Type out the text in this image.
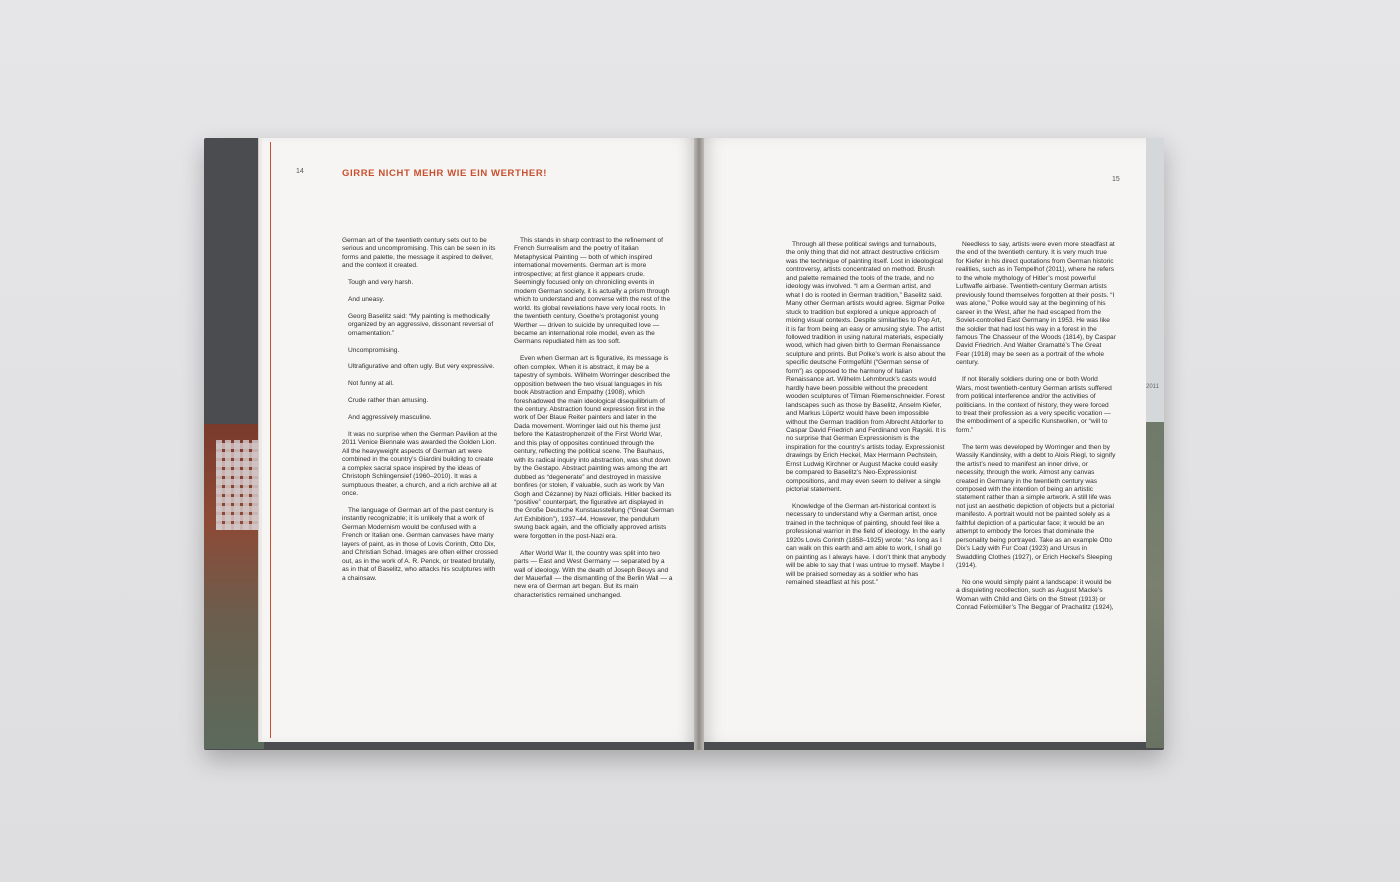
2011
14	GIRRE NICHT MEHR WIE EIN WERTHER!
15

German art of the twentieth century sets out to be serious and uncompromising. This can be seen in its forms and palette, the message it aspired to deliver, and the context it created.

Tough and very harsh.

And uneasy.

Georg Baselitz said: “My painting is methodically organized by an aggressive, dissonant reversal of ornamentation.”

Uncompromising.

Ultrafigurative and often ugly. But very expressive.

Not funny at all.

Crude rather than amusing.

And aggressively masculine.

It was no surprise when the German Pavilion at the 2011 Venice Biennale was awarded the Golden Lion. All the heavyweight aspects of German art were combined in the country’s Giardini building to create a complex sacral space inspired by the ideas of Christoph Schlingensief (1960–2010). It was a sumptuous theater, a church, and a rich archive all at once.

The language of German art of the past century is instantly recognizable; it is unlikely that a work of German Modernism would be confused with a French or Italian one. German canvases have many layers of paint, as in those of Lovis Corinth, Otto Dix, and Christian Schad. Images are often either crossed out, as in the work of A. R. Penck, or treated brutally, as in that of Baselitz, who attacks his sculptures with a chainsaw.

This stands in sharp contrast to the refinement of French Surrealism and the poetry of Italian Metaphysical Painting — both of which inspired international movements. German art is more introspective; at first glance it appears crude. Seemingly focused only on chronicling events in modern German society, it is actually a prism through which to understand and converse with the rest of the world. Its global revelations have very local roots. In the twentieth century, Goethe’s protagonist young Werther — driven to suicide by unrequited love — became an international role model, even as the Germans repudiated him as too soft.

Even when German art is figurative, its message is often complex. When it is abstract, it may be a tapestry of symbols. Wilhelm Worringer described the opposition between the two visual languages in his book Abstraction and Empathy (1908), which foreshadowed the main ideological disequilibrium of the century. Abstraction found expression first in the work of Der Blaue Reiter painters and later in the Dada movement. Worringer laid out his theme just before the Katastrophenzeit of the First World War, and this play of opposites continued through the century, reflecting the political scene. The Bauhaus, with its radical inquiry into abstraction, was shut down by the Gestapo. Abstract painting was among the art dubbed as “degenerate” and destroyed in massive bonfires (or stolen, if valuable, such as work by Van Gogh and Cézanne) by Nazi officials. Hitler backed its “positive” counterpart, the figurative art displayed in the Große Deutsche Kunstausstellung (“Great German Art Exhibition”), 1937–44. However, the pendulum swung back again, and the officially approved artists were forgotten in the post-Nazi era.

After World War II, the country was split into two parts — East and West Germany — separated by a wall of ideology. With the death of Joseph Beuys and der Mauerfall — the dismantling of the Berlin Wall — a new era of German art began. But its main characteristics remained unchanged.

Through all these political swings and turnabouts, the only thing that did not attract destructive criticism was the technique of painting itself. Lost in ideological controversy, artists concentrated on method. Brush and palette remained the tools of the trade, and no ideology was involved. “I am a German artist, and what I do is rooted in German tradition,” Baselitz said. Many other German artists would agree. Sigmar Polke stuck to tradition but explored a unique approach of mixing visual contexts. Despite similarities to Pop Art, it is far from being an easy or amusing style. The artist followed tradition in using natural materials, especially wood, which had given birth to German Renaissance sculpture and prints. But Polke’s work is also about the specific deutsche Formgefühl (“German sense of form”) as opposed to the harmony of Italian Renaissance art. Wilhelm Lehmbruck’s casts would hardly have been possible without the precedent wooden sculptures of Tilman Riemenschneider. Forest landscapes such as those by Baselitz, Anselm Kiefer, and Markus Lüpertz would have been impossible without the German tradition from Albrecht Altdorfer to Caspar David Friedrich and Ferdinand von Rayski. It is no surprise that German Expressionism is the inspiration for the country’s artists today. Expressionist drawings by Erich Heckel, Max Hermann Pechstein, Ernst Ludwig Kirchner or August Macke could easily be compared to Baselitz’s Neo-Expressionist compositions, and may even seem to deliver a single pictorial statement.

Knowledge of the German art-historical context is necessary to understand why a German artist, once trained in the technique of painting, should feel like a professional warrior in the field of ideology. In the early 1920s Lovis Corinth (1858–1925) wrote: “As long as I can walk on this earth and am able to work, I shall go on painting as I always have. I don’t think that anybody will be able to say that I was untrue to myself. Maybe I will be praised someday as a soldier who has remained steadfast at his post.”

Needless to say, artists were even more steadfast at the end of the twentieth century. It is very much true for Kiefer in his direct quotations from German historic realities, such as in Tempelhof (2011), where he refers to the whole mythology of Hitler’s most powerful Luftwaffe airbase. Twentieth-century German artists previously found themselves forgotten at their posts. “I was alone,” Polke would say at the beginning of his career in the West, after he had escaped from the Soviet-controlled East Germany in 1953. He was like the soldier that had lost his way in a forest in the famous The Chasseur of the Woods (1814), by Caspar David Friedrich. And Walter Gramatté’s The Great Fear (1918) may be seen as a portrait of the whole century.

If not literally soldiers during one or both World Wars, most twentieth-century German artists suffered from political interference and/or the activities of politicians. In the context of history, they were forced to treat their profession as a very specific vocation — the embodiment of a specific Kunstwollen, or “will to form.”

The term was developed by Worringer and then by Wassily Kandinsky, with a debt to Alois Riegl, to signify the artist’s need to manifest an inner drive, or necessity, through the work. Almost any canvas created in Germany in the twentieth century was composed with the intention of being an artistic statement rather than a simple artwork. A still life was not just an aesthetic depiction of objects but a pictorial manifesto. A portrait would not be painted solely as a faithful depiction of a particular face; it would be an attempt to embody the forces that dominate the personality being portrayed. Take as an example Otto Dix’s Lady with Fur Coat (1923) and Ursus in Swaddling Clothes (1927), or Erich Heckel’s Sleeping (1914).

No one would simply paint a landscape: it would be a disquieting recollection, such as August Macke’s Woman with Child and Girls on the Street (1913) or Conrad Felixmüller’s The Beggar of Prachatitz (1924),
